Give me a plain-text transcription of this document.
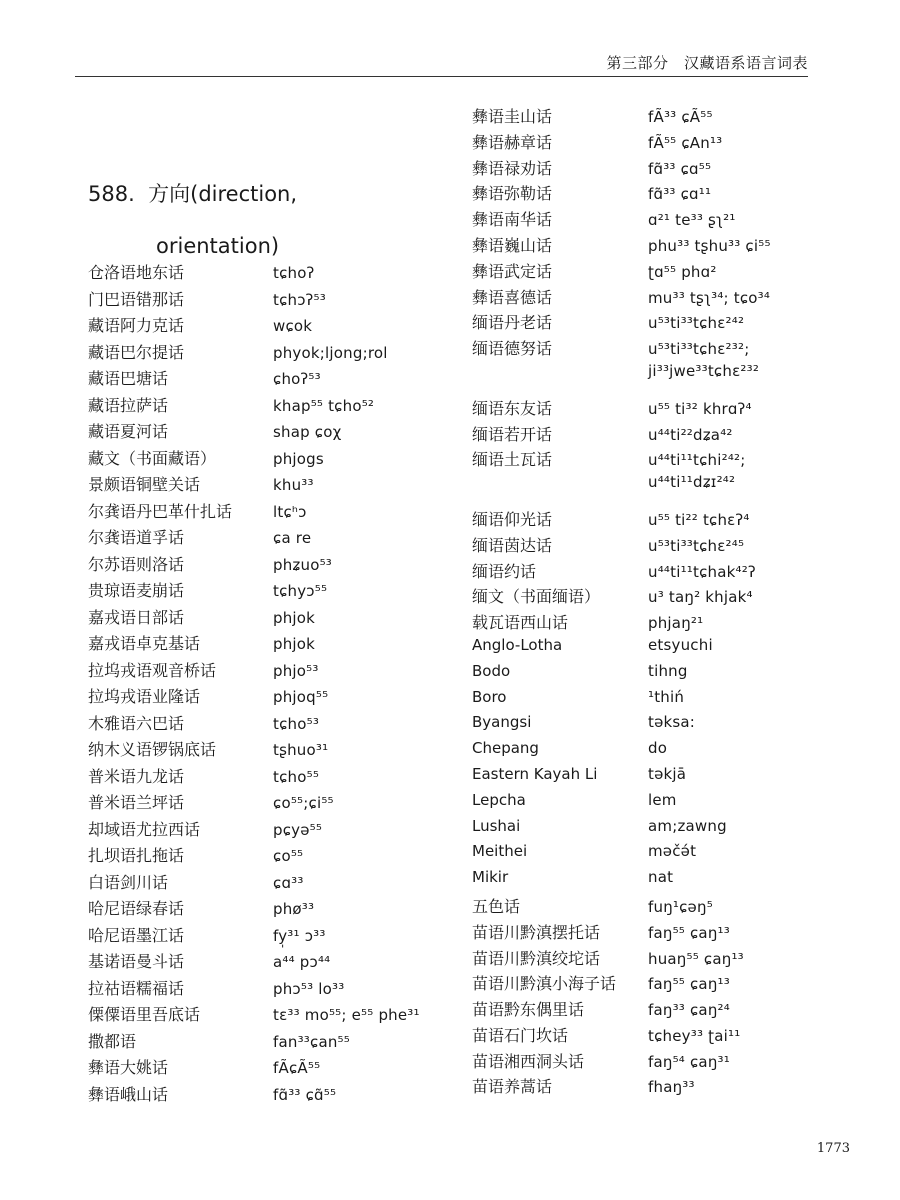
第三部分　汉藏语系语言词表
588. 方向(direction,
orientation)
仓洛语地东话	tɕhoʔ
门巴语错那话	tɕhɔʔ⁵³
藏语阿力克话	wɕok
藏语巴尔提话	phyok;ljong;rol
藏语巴塘话	ɕhoʔ⁵³
藏语拉萨话	khap⁵⁵ tɕho⁵²
藏语夏河话	shap ɕoχ
藏文（书面藏语）	phjogs
景颇语铜壁关话	khu³³
尔龚语丹巴革什扎话	ltɕʰɔ
尔龚语道孚话	ɕa re
尔苏语则洛话	phʑuo⁵³
贵琼语麦崩话	tɕhyɔ⁵⁵
嘉戎语日部话	phjok
嘉戎语卓克基话	phjok
拉坞戎语观音桥话	phjo⁵³
拉坞戎语业隆话	phjoq⁵⁵
木雅语六巴话	tɕho⁵³
纳木义语锣锅底话	tʂhuo³¹
普米语九龙话	tɕho⁵⁵
普米语兰坪话	ɕo⁵⁵;ɕi⁵⁵
却域语尤拉西话	pɕyə⁵⁵
扎坝语扎拖话	ɕo⁵⁵
白语剑川话	ɕɑ³³
哈尼语绿春话	phø³³
哈尼语墨江话	fy̩³¹ ɔ³³
基诺语曼斗话	a⁴⁴ pɔ⁴⁴
拉祜语糯福话	phɔ⁵³ lo³³
傈僳语里吾底话	tɛ³³ mo⁵⁵; e⁵⁵ phe³¹
撒都语	fan³³ɕan⁵⁵
彝语大姚话	fÃɕÃ⁵⁵
彝语峨山话	fɑ̃³³ ɕɑ̃⁵⁵
彝语圭山话	fÃ³³ ɕÃ⁵⁵
彝语赫章话	fÃ⁵⁵ ɕAn¹³
彝语禄劝话	fɑ̃³³ ɕɑ⁵⁵
彝语弥勒话	fɑ̃³³ ɕɑ¹¹
彝语南华话	ɑ²¹ te³³ ʂʅ²¹
彝语巍山话	phu³³ tʂhu³³ ɕi⁵⁵
彝语武定话	ʈɑ⁵⁵ phɑ²
彝语喜德话	mu³³ tʂʅ³⁴; tɕo³⁴
缅语丹老话	u⁵³ti³³tɕhɛ²⁴²
缅语德努话	u⁵³ti³³tɕhɛ²³²;
ji³³jwe³³tɕhɛ²³²
缅语东友话	u⁵⁵ ti³² khrɑʔ⁴
缅语若开话	u⁴⁴ti²²dʑa⁴²
缅语土瓦话	u⁴⁴ti¹¹tɕhi²⁴²;
u⁴⁴ti¹¹dʑɪ²⁴²
缅语仰光话	u⁵⁵ ti²² tɕhɛʔ⁴
缅语茵达话	u⁵³ti³³tɕhɛ²⁴⁵
缅语约话	u⁴⁴ti¹¹tɕhak⁴²ʔ
缅文（书面缅语）	u³ taŋ² khjak⁴
载瓦语西山话	phjaŋ²¹
Anglo-Lotha	etsyuchi
Bodo	tihng
Boro	¹thiń
Byangsi	təksa:
Chepang	do
Eastern Kayah Li	təkjā
Lepcha	lem
Lushai	am;zawng
Meithei	məčə́t
Mikir	nat
五色话	fuŋ¹ɕəŋ⁵
苗语川黔滇摆托话	faŋ⁵⁵ ɕaŋ¹³
苗语川黔滇绞坨话	huaŋ⁵⁵ ɕaŋ¹³
苗语川黔滇小海子话	faŋ⁵⁵ ɕaŋ¹³
苗语黔东偶里话	faŋ³³ ɕaŋ²⁴
苗语石门坎话	tɕhey³³ ʈai¹¹
苗语湘西洞头话	faŋ⁵⁴ ɕaŋ³¹
苗语养蒿话	fhaŋ³³
1773
